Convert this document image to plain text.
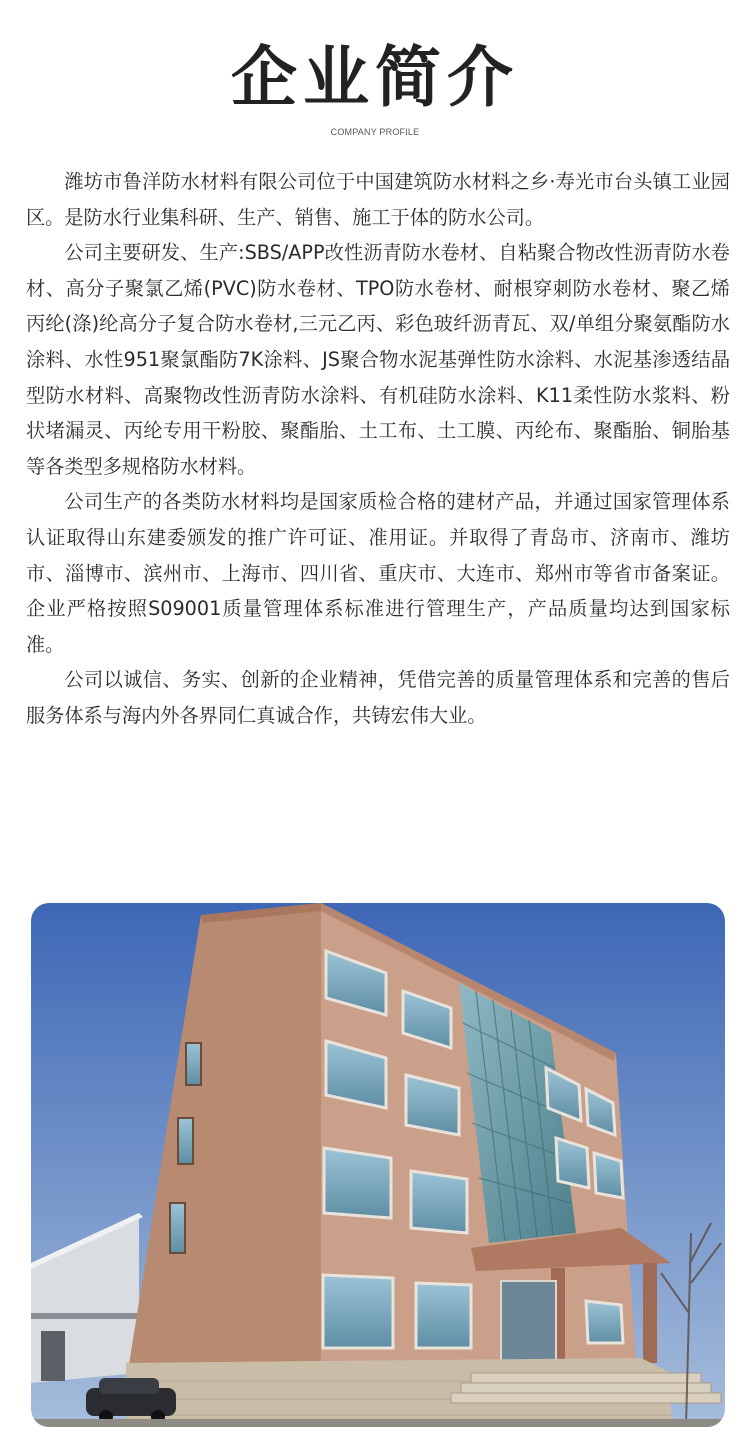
企业简介
COMPANY PROFILE

潍坊市鲁洋防水材料有限公司位于中国建筑防水材料之乡·寿光市台头镇工业园区。是防水行业集科研、生产、销售、施工于体的防水公司。

公司主要研发、生产:SBS/APP改性沥青防水卷材、自粘聚合物改性沥青防水卷材、高分子聚氯乙烯(PVC)防水卷材、TPO防水卷材、耐根穿刺防水卷材、聚乙烯丙纶(涤)纶高分子复合防水卷材,三元乙丙、彩色玻纤沥青瓦、双/单组分聚氨酯防水涂料、水性951聚氯酯防7K涂料、JS聚合物水泥基弹性防水涂料、水泥基渗透结晶型防水材料、高聚物改性沥青防水涂料、有机硅防水涂料、K11柔性防水浆料、粉状堵漏灵、丙纶专用干粉胶、聚酯胎、土工布、土工膜、丙纶布、聚酯胎、铜胎基等各类型多规格防水材料。

公司生产的各类防水材料均是国家质检合格的建材产品，并通过国家管理体系认证取得山东建委颁发的推广许可证、准用证。并取得了青岛市、济南市、潍坊市、淄博市、滨州市、上海市、四川省、重庆市、大连市、郑州市等省市备案证。企业严格按照S09001质量管理体系标准进行管理生产，产品质量均达到国家标准。

公司以诚信、务实、创新的企业精神，凭借完善的质量管理体系和完善的售后服务体系与海内外各界同仁真诚合作，共铸宏伟大业。
